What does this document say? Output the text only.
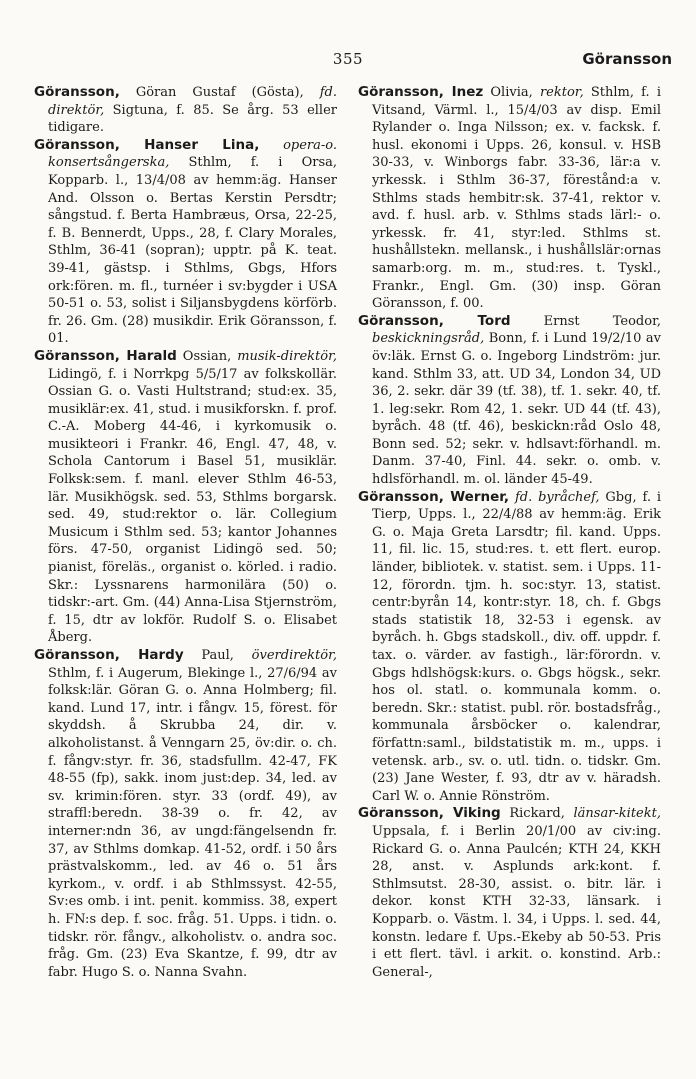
355	Göransson

Göransson, Göran Gustaf (Gösta), fd. direktör, Sigtuna, f. 85. Se årg. 53 eller tidigare.

Göransson, Hanser Lina, opera-o. konsertsångerska, Sthlm, f. i Orsa, Kopparb. l., 13/4/08 av hemm:äg. Hanser And. Olsson o. Bertas Kerstin Persdtr; sångstud. f. Berta Hambræus, Orsa, 22-25, f. B. Bennerdt, Upps., 28, f. Clary Morales, Sthlm, 36-41 (sopran); upptr. på K. teat. 39-41, gästsp. i Sthlms, Gbgs, Hfors ork:fören. m. fl., turnéer i sv:bygder i USA 50-51 o. 53, solist i Siljansbygdens körförb. fr. 26. Gm. (28) musikdir. Erik Göransson, f. 01.

Göransson, Harald Ossian, musik-direktör, Lidingö, f. i Norrkpg 5/5/17 av folkskollär. Ossian G. o. Vasti Hultstrand; stud:ex. 35, musiklär:ex. 41, stud. i musikforskn. f. prof. C.-A. Moberg 44-46, i kyrkomusik o. musikteori i Frankr. 46, Engl. 47, 48, v. Schola Cantorum i Basel 51, musiklär. Folksk:sem. f. manl. elever Sthlm 46-53, lär. Musikhögsk. sed. 53, Sthlms borgarsk. sed. 49, stud:rektor o. lär. Collegium Musicum i Sthlm sed. 53; kantor Johannes förs. 47-50, organist Lidingö sed. 50; pianist, föreläs., organist o. körled. i radio. Skr.: Lyssnarens harmonilära (50) o. tidskr:-art. Gm. (44) Anna-Lisa Stjernström, f. 15, dtr av lokför. Rudolf S. o. Elisabet Åberg.

Göransson, Hardy Paul, överdirektör, Sthlm, f. i Augerum, Blekinge l., 27/6/94 av folksk:lär. Göran G. o. Anna Holmberg; fil. kand. Lund 17, intr. i fångv. 15, förest. för skyddsh. å Skrubba 24, dir. v. alkoholistanst. å Venngarn 25, öv:dir. o. ch. f. fångv:styr. fr. 36, stadsfullm. 42-47, FK 48-55 (fp), sakk. inom just:dep. 34, led. av sv. krimin:fören. styr. 33 (ordf. 49), av straffl:beredn. 38-39 o. fr. 42, av interner:ndn 36, av ungd:fängelsendn fr. 37, av Sthlms domkap. 41-52, ordf. i 50 års prästvalskomm., led. av 46 o. 51 års kyrkom., v. ordf. i ab Sthlmssyst. 42-55, Sv:es omb. i int. penit. kommiss. 38, expert h. FN:s dep. f. soc. fråg. 51. Upps. i tidn. o. tidskr. rör. fångv., alkoholistv. o. andra soc. fråg. Gm. (23) Eva Skantze, f. 99, dtr av fabr. Hugo S. o. Nanna Svahn.

Göransson, Inez Olivia, rektor, Sthlm, f. i Vitsand, Värml. l., 15/4/03 av disp. Emil Rylander o. Inga Nilsson; ex. v. facksk. f. husl. ekonomi i Upps. 26, konsul. v. HSB 30-33, v. Winborgs fabr. 33-36, lär:a v. yrkessk. i Sthlm 36-37, förestånd:a v. Sthlms stads hembitr:sk. 37-41, rektor v. avd. f. husl. arb. v. Sthlms stads lärl:- o. yrkessk. fr. 41, styr:led. Sthlms st. hushållstekn. mellansk., i hushållslär:ornas samarb:org. m. m., stud:res. t. Tyskl., Frankr., Engl. Gm. (30) insp. Göran Göransson, f. 00.

Göransson, Tord Ernst Teodor, beskickningsråd, Bonn, f. i Lund 19/2/10 av öv:läk. Ernst G. o. Ingeborg Lindström: jur. kand. Sthlm 33, att. UD 34, London 34, UD 36, 2. sekr. där 39 (tf. 38), tf. 1. sekr. 40, tf. 1. leg:sekr. Rom 42, 1. sekr. UD 44 (tf. 43), byråch. 48 (tf. 46), beskickn:råd Oslo 48, Bonn sed. 52; sekr. v. hdlsavt:förhandl. m. Danm. 37-40, Finl. 44. sekr. o. omb. v. hdlsförhandl. m. ol. länder 45-49.

Göransson, Werner, fd. byråchef, Gbg, f. i Tierp, Upps. l., 22/4/88 av hemm:äg. Erik G. o. Maja Greta Larsdtr; fil. kand. Upps. 11, fil. lic. 15, stud:res. t. ett flert. europ. länder, bibliotek. v. statist. sem. i Upps. 11-12, förordn. tjm. h. soc:styr. 13, statist. centr:byrån 14, kontr:styr. 18, ch. f. Gbgs stads statistik 18, 32-53 i egensk. av byråch. h. Gbgs stadskoll., div. off. uppdr. f. tax. o. värder. av fastigh., lär:förordn. v. Gbgs hdlshögsk:kurs. o. Gbgs högsk., sekr. hos ol. statl. o. kommunala komm. o. beredn. Skr.: statist. publ. rör. bostadsfråg., kommunala årsböcker o. kalendrar, författn:saml., bildstatistik m. m., upps. i vetensk. arb., sv. o. utl. tidn. o. tidskr. Gm. (23) Jane Wester, f. 93, dtr av v. häradsh. Carl W. o. Annie Rönström.

Göransson, Viking Rickard, länsar-kitekt, Uppsala, f. i Berlin 20/1/00 av civ:ing. Rickard G. o. Anna Paulcén; KTH 24, KKH 28, anst. v. Asplunds ark:kont. f. Sthlmsutst. 28-30, assist. o. bitr. lär. i dekor. konst KTH 32-33, länsark. i Kopparb. o. Västm. l. 34, i Upps. l. sed. 44, konstn. ledare f. Ups.-Ekeby ab 50-53. Pris i ett flert. tävl. i arkit. o. konstind. Arb.: General-,
